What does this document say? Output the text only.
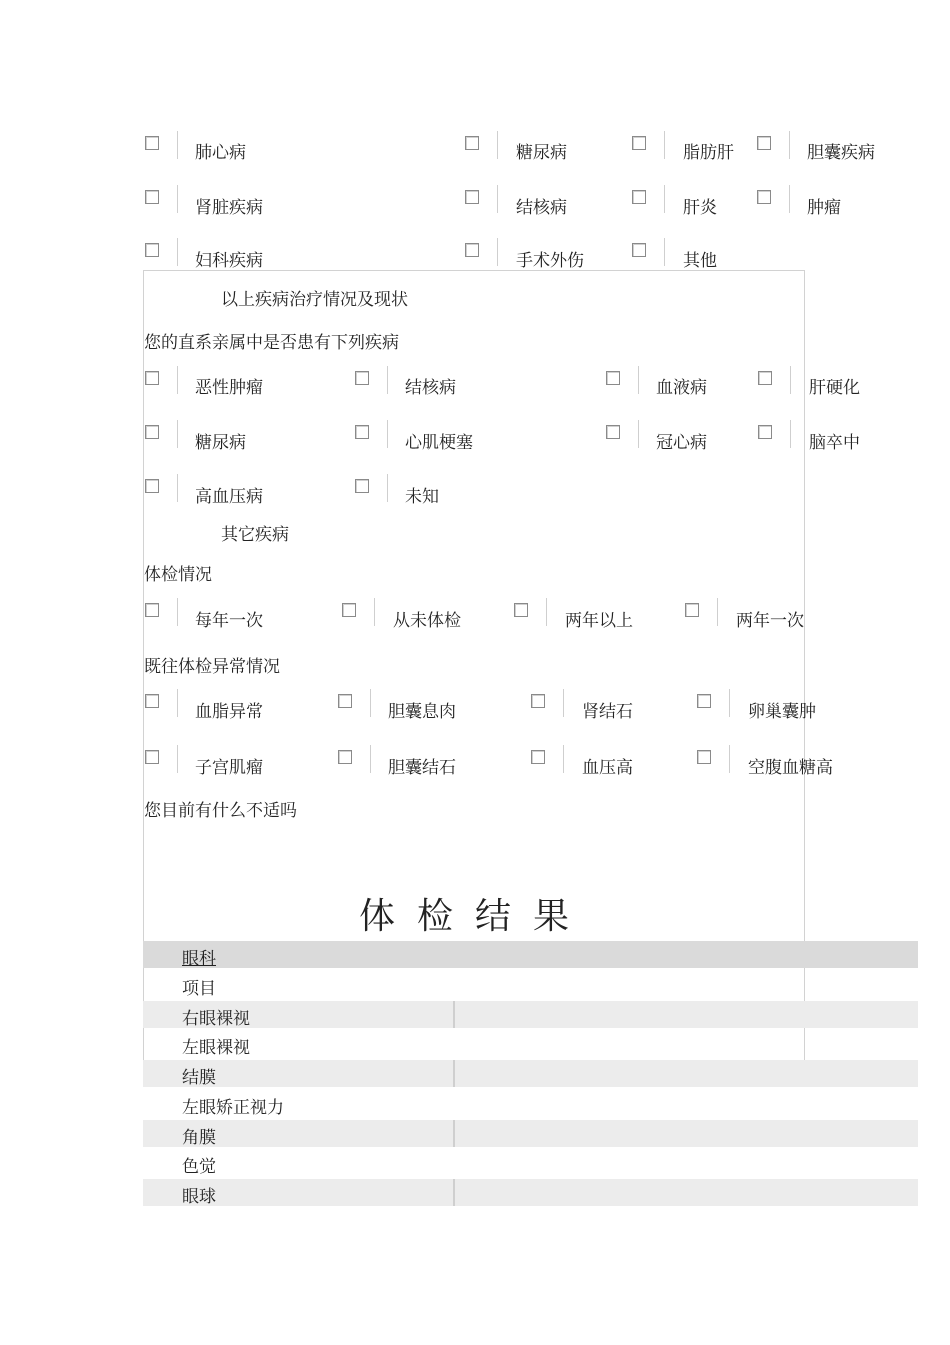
肺心病	糖尿病	脂肪肝	胆囊疾病
肾脏疾病	结核病	肝炎	肿瘤
妇科疾病	手术外伤	其他
以上疾病治疗情况及现状
您的直系亲属中是否患有下列疾病
恶性肿瘤	结核病	血液病	肝硬化
糖尿病	心肌梗塞	冠心病	脑卒中
高血压病	未知
其它疾病
体检情况
每年一次	从未体检	两年以上	两年一次
既往体检异常情况
血脂异常	胆囊息肉	肾结石	卵巢囊肿
子宫肌瘤	胆囊结石	血压高	空腹血糖高
您目前有什么不适吗
体检结果
眼科
项目
右眼裸视
左眼裸视
结膜
左眼矫正视力
角膜
色觉
眼球
